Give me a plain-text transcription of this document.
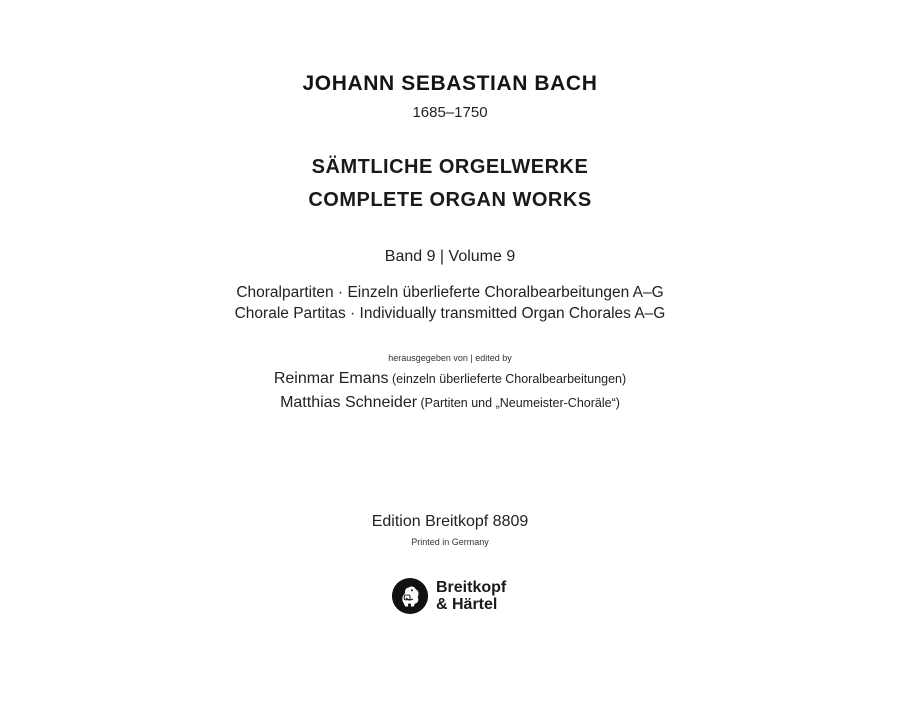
JOHANN SEBASTIAN BACH
1685–1750
SÄMTLICHE ORGELWERKE
COMPLETE ORGAN WORKS
Band 9 | Volume 9
Choralpartiten · Einzeln überlieferte Choralbearbeitungen A–G
Chorale Partitas · Individually transmitted Organ Chorales A–G
herausgegeben von | edited by
Reinmar Emans (einzeln überlieferte Choralbearbeitungen)
Matthias Schneider (Partiten und „Neumeister-Choräle“)
Edition Breitkopf 8809
Printed in Germany
Breitkopf
& Härtel
